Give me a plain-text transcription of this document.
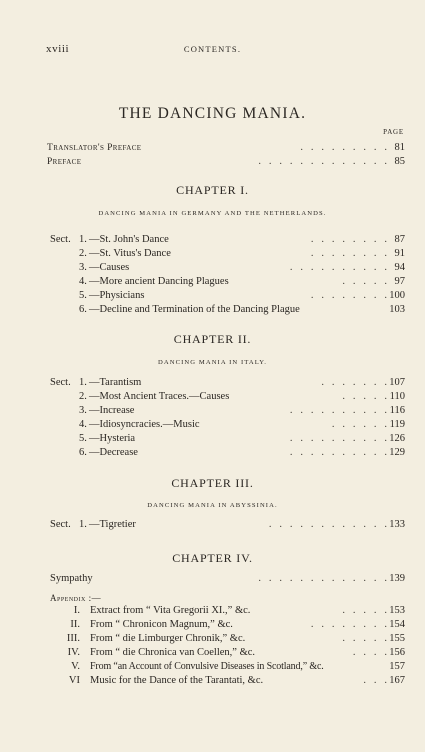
xviii	CONTENTS.
THE DANCING MANIA.
PAGE
Translator's Preface	.   .   .   .   .   .   .   .   . 81
Preface	.   .   .   .   .   .   .   .   .   .   .   .   . 85
CHAPTER I.
DANCING MANIA IN GERMANY AND THE NETHERLANDS.
Sect. 1. —St. John's Dance	.   .   .   .   .   .   .   . 87
2. —St. Vitus's Dance	.   .   .   .   .   .   .   . 91
3. —Causes	.   .   .   .   .   .   .   .   .   . 94
4. —More ancient Dancing Plagues	.   .   .   .   . 97
5. —Physicians	.   .   .   .   .   .   .   . 100
6. —Decline and Termination of the Dancing Plague	103
CHAPTER II.
DANCING MANIA IN ITALY.
Sect. 1. —Tarantism	.   .   .   .   .   .   . 107
2. —Most Ancient Traces.—Causes	.   .   .   .   . 110
3. —Increase	.   .   .   .   .   .   .   .   .   . 116
4. —Idiosyncracies.—Music	.   .   .   .   .   . 119
5. —Hysteria	.   .   .   .   .   .   .   .   .   . 126
6. —Decrease	.   .   .   .   .   .   .   .   .   . 129
CHAPTER III.
DANCING MANIA IN ABYSSINIA.
Sect. 1. —Tigretier	.   .   .   .   .   .   .   .   .   .   .   . 133
CHAPTER IV.
Sympathy	.   .   .   .   .   .   .   .   .   .   .   .   . 139
Appendix :—
I. Extract from “ Vita Gregorii XI.,” &c.	.   .   .   .   . 153
II. From “ Chronicon Magnum,” &c.	.   .   .   .   .   .   .   . 154
III. From “ die Limburger Chronik,” &c.	.   .   .   .   . 155
IV. From “ die Chronica van Coellen,” &c.	.   .   .   . 156
V. From “an Account of Convulsive Diseases in Scotland,” &c.	157
VI Music for the Dance of the Tarantati, &c.	.   .   . 167
